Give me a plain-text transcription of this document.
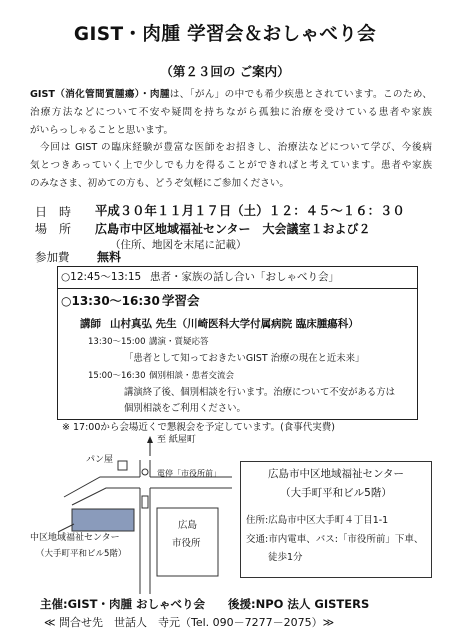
GIST・肉腫 学習会＆おしゃべり会
（第２３回の ご案内）
GIST（消化管間質腫瘍）・肉腫は、「がん」の中でも希少疾患とされています。このため、
治療方法などについて不安や疑問を持ちながら孤独に治療を受けている患者や家族
がいらっしゃることと思います。
今回は GIST の臨床経験が豊富な医師をお招きし、治療法などについて学び、今後病
気とつきあっていく上で少しでも力を得ることができればと考えています。患者や家族
のみなさま、初めての方も、どうぞ気軽にご参加ください。
日　時 平成３０年１１月１７日（土）１２：４５～１６：３０
場　所 広島市中区地域福祉センター　大会議室１および２
（住所、地図を末尾に記載）
参加費 無料
○12:45～13:15 患者・家族の話し合い「おしゃべり会」
○13:30～16:30 学習会
講師 山村真弘 先生（川崎医科大学付属病院 臨床腫瘍科）
13:30～15:00 講演・質疑応答
「患者として知っておきたいGIST 治療の現在と近未来」
15:00～16:30 個別相談・患者交流会
講演終了後、個別相談を行います。治療について不安がある方は
個別相談をご利用ください。
※ 17:00から会場近くで懇親会を予定しています。(食事代実費)
至 紙屋町
パン屋
電停「市役所前」
広島
市役所
中区地域福祉センター
（大手町平和ビル5階）
広島市中区地域福祉センター
（大手町平和ビル5階）
住所:広島市中区大手町４丁目1-1
交通:市内電車、バス:「市役所前」下車、
徒歩1分
主催:GIST・肉腫 おしゃべり会 後援:NPO 法人 GISTERS
≪ 問合せ先　世話人　寺元（Tel. 090－7277－2075）≫
